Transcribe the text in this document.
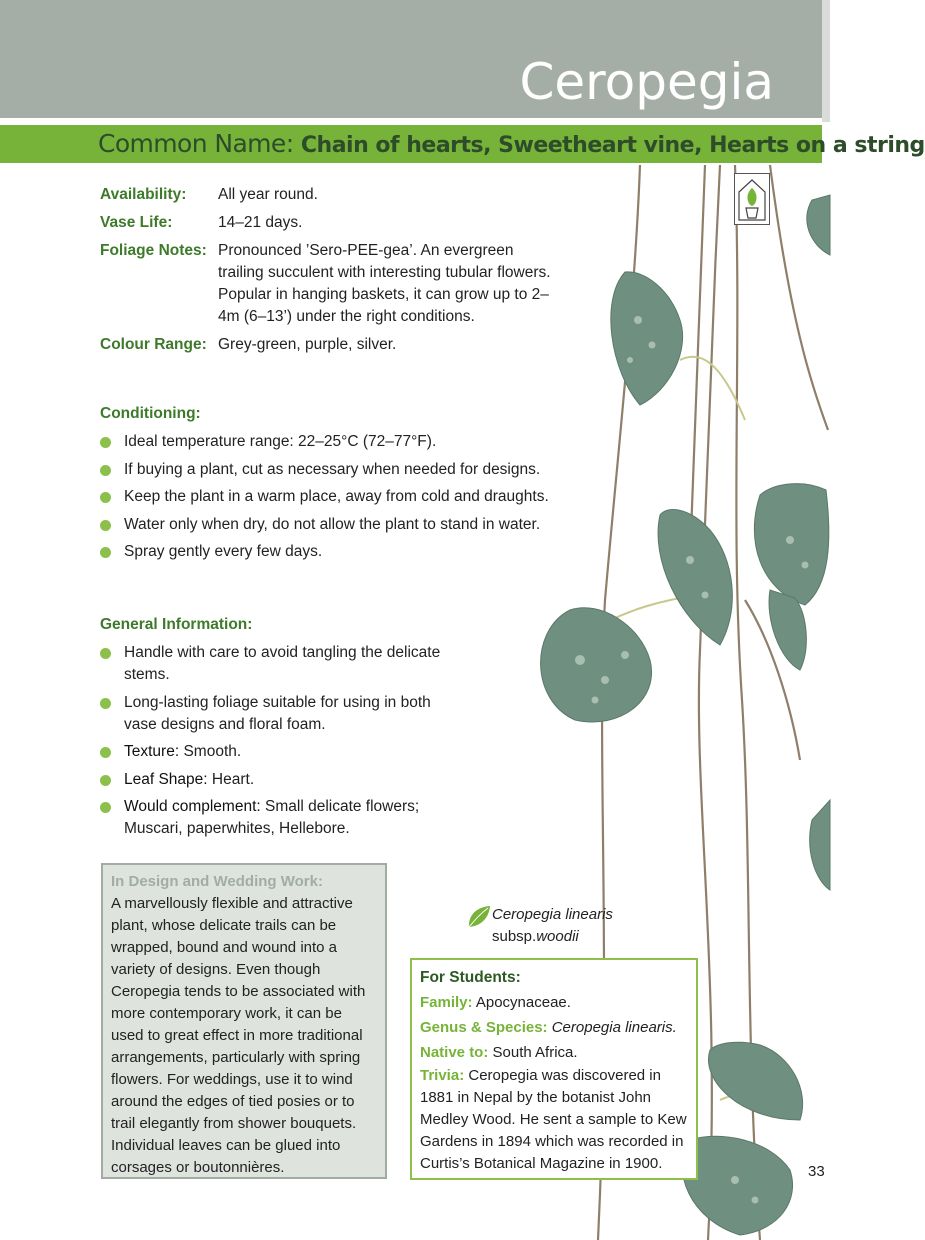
Ceropegia
Common Name: Chain of hearts, Sweetheart vine, Hearts on a string
Availability:	All year round.
Vase Life:	14–21 days.
Foliage Notes: Pronounced ’Sero-PEE-gea’. An evergreen trailing succulent with interesting tubular flowers. Popular in hanging baskets, it can grow up to 2–4m (6–13’) under the right conditions.
Colour Range: Grey-green, purple, silver.
Conditioning:
Ideal temperature range: 22–25°C (72–77°F).
If buying a plant, cut as necessary when needed for designs.
Keep the plant in a warm place, away from cold and draughts.
Water only when dry, do not allow the plant to stand in water.
Spray gently every few days.
General Information:
Handle with care to avoid tangling the delicate stems.
Long-lasting foliage suitable for using in both vase designs and floral foam.
Texture: Smooth.
Leaf Shape: Heart.
Would complement: Small delicate flowers; Muscari, paperwhites, Hellebore.
In Design and Wedding Work:
A marvellously flexible and attractive plant, whose delicate trails can be wrapped, bound and wound into a variety of designs. Even though Ceropegia tends to be associated with more contemporary work, it can be used to great effect in more traditional arrangements, particularly with spring flowers. For weddings, use it to wind around the edges of tied posies or to trail elegantly from shower bouquets. Individual leaves can be glued into corsages or boutonnières.
Ceropegia linearis
subsp.woodii
For Students:
Family: Apocynaceae.
Genus & Species: Ceropegia linearis.
Native to: South Africa.
Trivia: Ceropegia was discovered in 1881 in Nepal by the botanist John Medley Wood. He sent a sample to Kew Gardens in 1894 which was recorded in Curtis’s Botanical Magazine in 1900.	33
